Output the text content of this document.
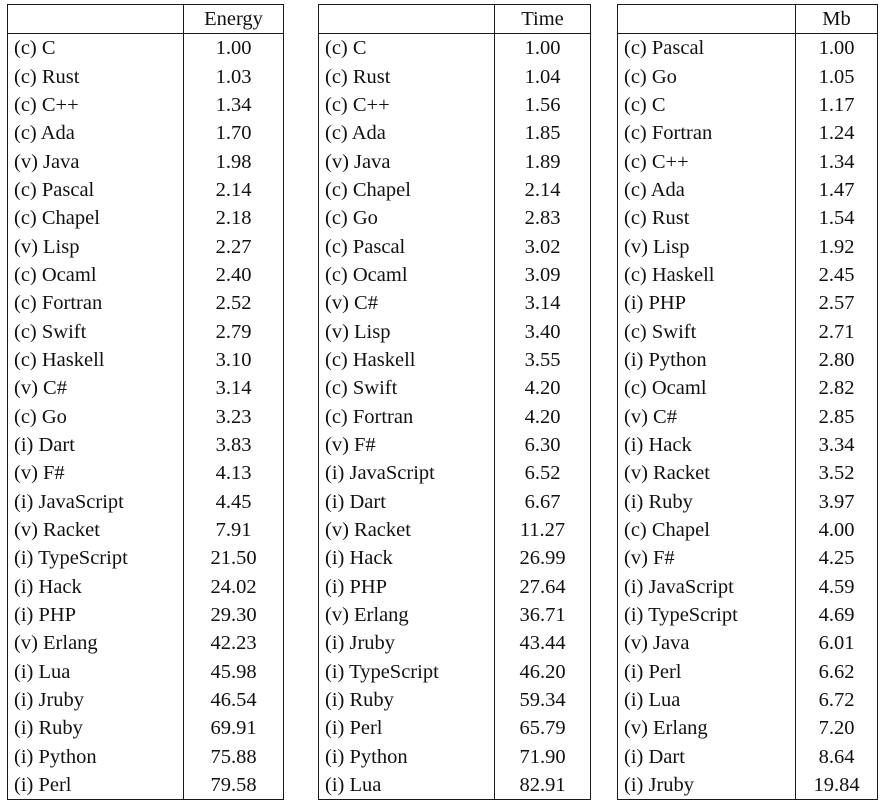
	Energy
(c) C	1.00
(c) Rust	1.03
(c) C++	1.34
(c) Ada	1.70
(v) Java	1.98
(c) Pascal	2.14
(c) Chapel	2.18
(v) Lisp	2.27
(c) Ocaml	2.40
(c) Fortran	2.52
(c) Swift	2.79
(c) Haskell	3.10
(v) C#	3.14
(c) Go	3.23
(i) Dart	3.83
(v) F#	4.13
(i) JavaScript	4.45
(v) Racket	7.91
(i) TypeScript	21.50
(i) Hack	24.02
(i) PHP	29.30
(v) Erlang	42.23
(i) Lua	45.98
(i) Jruby	46.54
(i) Ruby	69.91
(i) Python	75.88
(i) Perl	79.58
	Time
(c) C	1.00
(c) Rust	1.04
(c) C++	1.56
(c) Ada	1.85
(v) Java	1.89
(c) Chapel	2.14
(c) Go	2.83
(c) Pascal	3.02
(c) Ocaml	3.09
(v) C#	3.14
(v) Lisp	3.40
(c) Haskell	3.55
(c) Swift	4.20
(c) Fortran	4.20
(v) F#	6.30
(i) JavaScript	6.52
(i) Dart	6.67
(v) Racket	11.27
(i) Hack	26.99
(i) PHP	27.64
(v) Erlang	36.71
(i) Jruby	43.44
(i) TypeScript	46.20
(i) Ruby	59.34
(i) Perl	65.79
(i) Python	71.90
(i) Lua	82.91
	Mb
(c) Pascal	1.00
(c) Go	1.05
(c) C	1.17
(c) Fortran	1.24
(c) C++	1.34
(c) Ada	1.47
(c) Rust	1.54
(v) Lisp	1.92
(c) Haskell	2.45
(i) PHP	2.57
(c) Swift	2.71
(i) Python	2.80
(c) Ocaml	2.82
(v) C#	2.85
(i) Hack	3.34
(v) Racket	3.52
(i) Ruby	3.97
(c) Chapel	4.00
(v) F#	4.25
(i) JavaScript	4.59
(i) TypeScript	4.69
(v) Java	6.01
(i) Perl	6.62
(i) Lua	6.72
(v) Erlang	7.20
(i) Dart	8.64
(i) Jruby	19.84
